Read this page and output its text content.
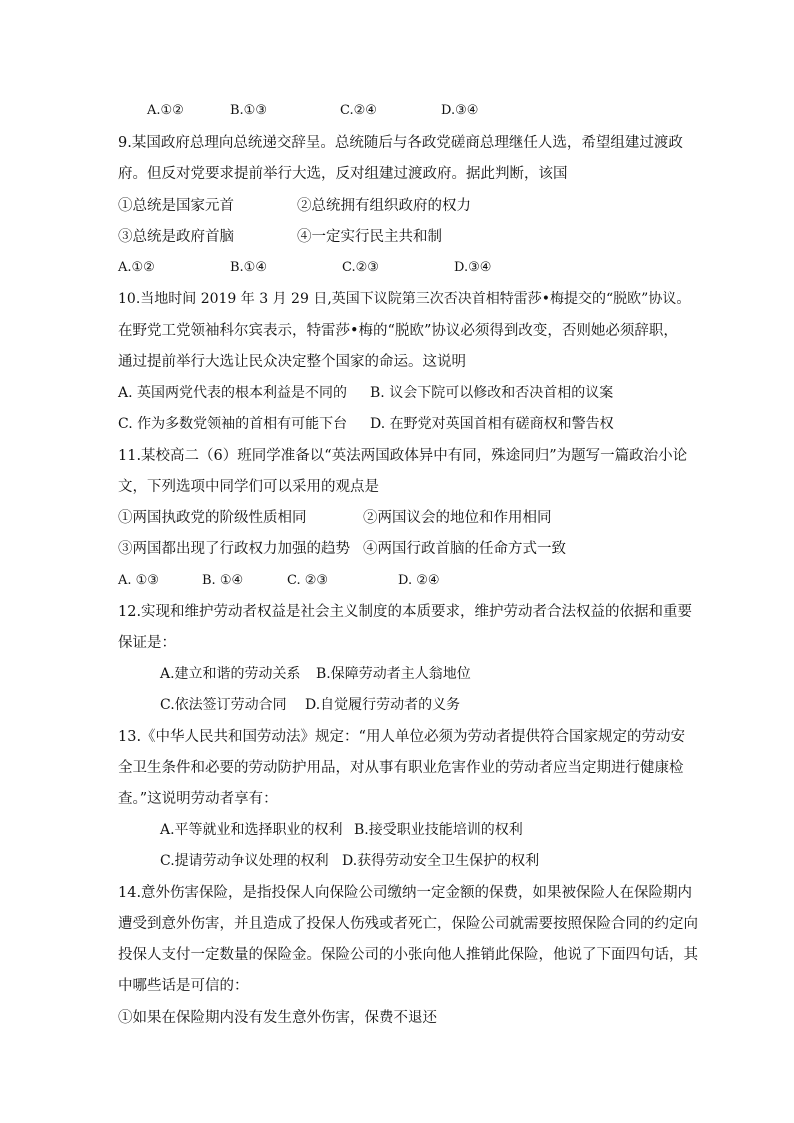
A.①②	B.①③	C.②④	D.③④
9.某国政府总理向总统递交辞呈。总统随后与各政党磋商总理继任人选，希望组建过渡政
府。但反对党要求提前举行大选，反对组建过渡政府。据此判断，该国
①总统是国家元首	②总统拥有组织政府的权力
③总统是政府首脑	④一定实行民主共和制
A.①②	B.①④	C.②③	D.③④
10.当地时间 2019 年 3 月 29 日,英国下议院第三次否决首相特雷莎•梅提交的“脱欧”协议。
在野党工党领袖科尔宾表示，特雷莎•梅的“脱欧”协议必须得到改变，否则她必须辞职，
通过提前举行大选让民众决定整个国家的命运。这说明
A. 英国两党代表的根本利益是不同的 B. 议会下院可以修改和否决首相的议案
C. 作为多数党领袖的首相有可能下台 D. 在野党对英国首相有磋商权和警告权
11.某校高二（6）班同学准备以“英法两国政体异中有同，殊途同归”为题写一篇政治小论
文，下列选项中同学们可以采用的观点是
①两国执政党的阶级性质相同	②两国议会的地位和作用相同
③两国都出现了行政权力加强的趋势 ④两国行政首脑的任命方式一致
A. ①③	B. ①④	C. ②③	D. ②④
12.实现和维护劳动者权益是社会主义制度的本质要求，维护劳动者合法权益的依据和重要
保证是：
A.建立和谐的劳动关系 B.保障劳动者主人翁地位
C.依法签订劳动合同 D.自觉履行劳动者的义务
13.《中华人民共和国劳动法》规定：“用人单位必须为劳动者提供符合国家规定的劳动安
全卫生条件和必要的劳动防护用品，对从事有职业危害作业的劳动者应当定期进行健康检
查。”这说明劳动者享有：
A.平等就业和选择职业的权利 B.接受职业技能培训的权利
C.提请劳动争议处理的权利 D.获得劳动安全卫生保护的权利
14.意外伤害保险，是指投保人向保险公司缴纳一定金额的保费，如果被保险人在保险期内
遭受到意外伤害，并且造成了投保人伤残或者死亡，保险公司就需要按照保险合同的约定向
投保人支付一定数量的保险金。保险公司的小张向他人推销此保险，他说了下面四句话，其
中哪些话是可信的：
①如果在保险期内没有发生意外伤害，保费不退还
